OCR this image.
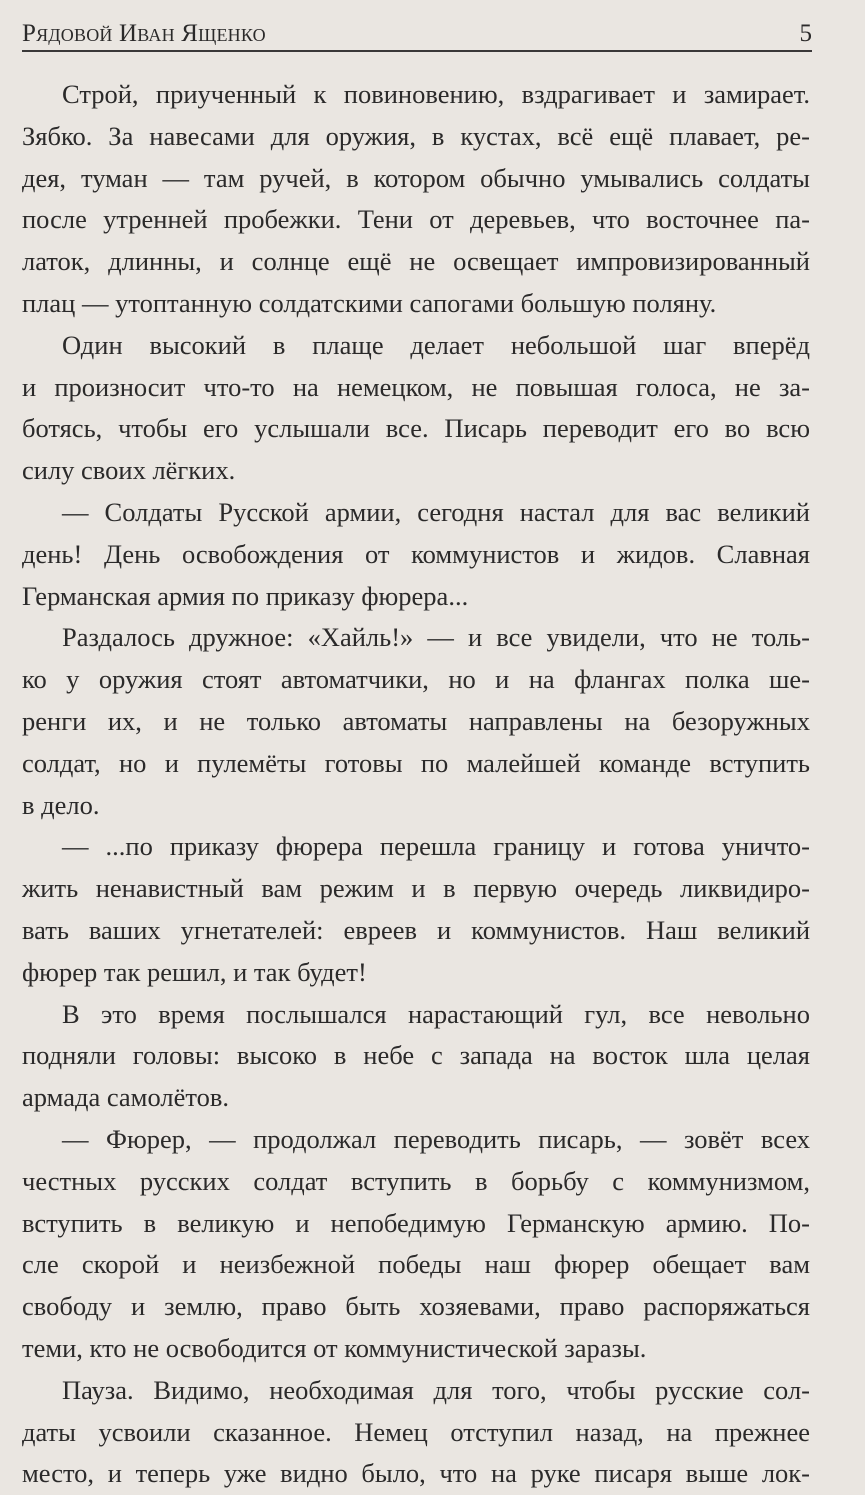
Рядовой Иван Ященко	5
Строй, приученный к повиновению, вздрагивает и замирает.
Зябко. За навесами для оружия, в кустах, всё ещё плавает, ре-
дея, туман — там ручей, в котором обычно умывались солдаты
после утренней пробежки. Тени от деревьев, что восточнее па-
латок, длинны, и солнце ещё не освещает импровизированный
плац — утоптанную солдатскими сапогами большую поляну.
Один высокий в плаще делает небольшой шаг вперёд
и произносит что-то на немецком, не повышая голоса, не за-
ботясь, чтобы его услышали все. Писарь переводит его во всю
силу своих лёгких.
— Солдаты Русской армии, сегодня настал для вас великий
день! День освобождения от коммунистов и жидов. Славная
Германская армия по приказу фюрера...
Раздалось дружное: «Хайль!» — и все увидели, что не толь-
ко у оружия стоят автоматчики, но и на флангах полка ше-
ренги их, и не только автоматы направлены на безоружных
солдат, но и пулемёты готовы по малейшей команде вступить
в дело.
— ...по приказу фюрера перешла границу и готова уничто-
жить ненавистный вам режим и в первую очередь ликвидиро-
вать ваших угнетателей: евреев и коммунистов. Наш великий
фюрер так решил, и так будет!
В это время послышался нарастающий гул, все невольно
подняли головы: высоко в небе с запада на восток шла целая
армада самолётов.
— Фюрер, — продолжал переводить писарь, — зовёт всех
честных русских солдат вступить в борьбу с коммунизмом,
вступить в великую и непобедимую Германскую армию. По-
сле скорой и неизбежной победы наш фюрер обещает вам
свободу и землю, право быть хозяевами, право распоряжаться
теми, кто не освободится от коммунистической заразы.
Пауза. Видимо, необходимая для того, чтобы русские сол-
даты усвоили сказанное. Немец отступил назад, на прежнее
место, и теперь уже видно было, что на руке писаря выше лок-
